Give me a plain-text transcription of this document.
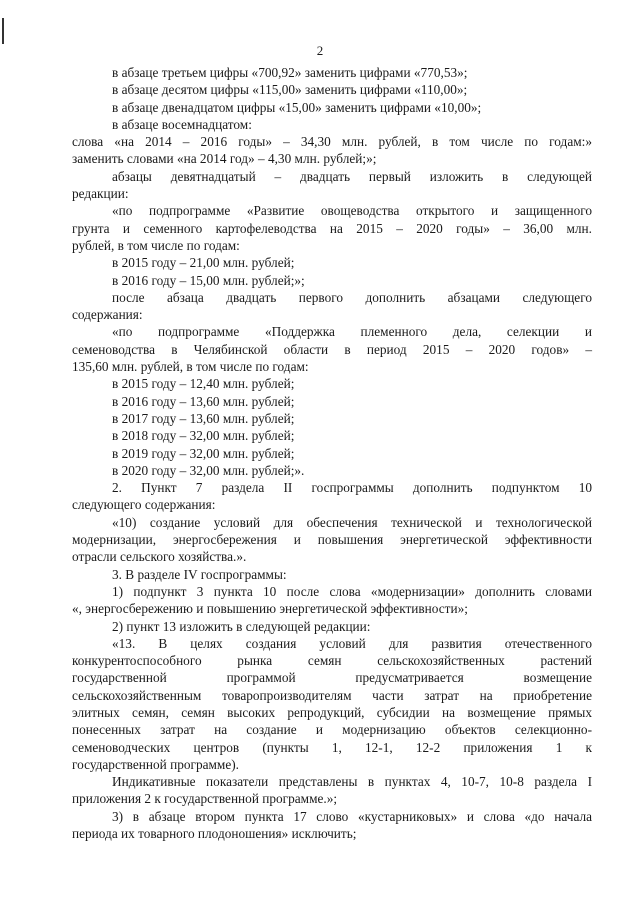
2

в абзаце третьем цифры «700,92» заменить цифрами «770,53»;

в абзаце десятом цифры «115,00» заменить цифрами «110,00»;

в абзаце двенадцатом цифры «15,00» заменить цифрами «10,00»;

в абзаце восемнадцатом:

слова «на 2014 – 2016 годы» – 34,30 млн. рублей, в том числе по годам:»

заменить словами «на 2014 год» – 4,30 млн. рублей;»;

абзацы девятнадцатый – двадцать первый изложить в следующей

редакции:

«по подпрограмме «Развитие овощеводства открытого и защищенного

грунта и семенного картофелеводства на 2015 – 2020 годы» – 36,00 млн.

рублей, в том числе по годам:

в 2015 году – 21,00 млн. рублей;

в 2016 году – 15,00 млн. рублей;»;

после абзаца двадцать первого дополнить абзацами следующего

содержания:

«по подпрограмме «Поддержка племенного дела, селекции и

семеноводства в Челябинской области в период 2015 – 2020 годов» –

135,60 млн. рублей, в том числе по годам:

в 2015 году – 12,40 млн. рублей;

в 2016 году – 13,60 млн. рублей;

в 2017 году – 13,60 млн. рублей;

в 2018 году – 32,00 млн. рублей;

в 2019 году – 32,00 млн. рублей;

в 2020 году – 32,00 млн. рублей;».

2. Пункт 7 раздела II госпрограммы дополнить подпунктом 10

следующего содержания:

«10) создание условий для обеспечения технической и технологической

модернизации, энергосбережения и повышения энергетической эффективности

отрасли сельского хозяйства.».

3. В разделе IV госпрограммы:

1) подпункт 3 пункта 10 после слова «модернизации» дополнить словами

«, энергосбережению и повышению энергетической эффективности»;

2) пункт 13 изложить в следующей редакции:

«13. В целях создания условий для развития отечественного

конкурентоспособного рынка семян сельскохозяйственных растений

государственной программой предусматривается возмещение

сельскохозяйственным товаропроизводителям части затрат на приобретение

элитных семян, семян высоких репродукций, субсидии на возмещение прямых

понесенных затрат на создание и модернизацию объектов селекционно-

семеноводческих центров (пункты 1, 12-1, 12-2 приложения 1 к

государственной программе).

Индикативные показатели представлены в пунктах 4, 10-7, 10-8 раздела I

приложения 2 к государственной программе.»;

3) в абзаце втором пункта 17 слово «кустарниковых» и слова «до начала

периода их товарного плодоношения» исключить;
